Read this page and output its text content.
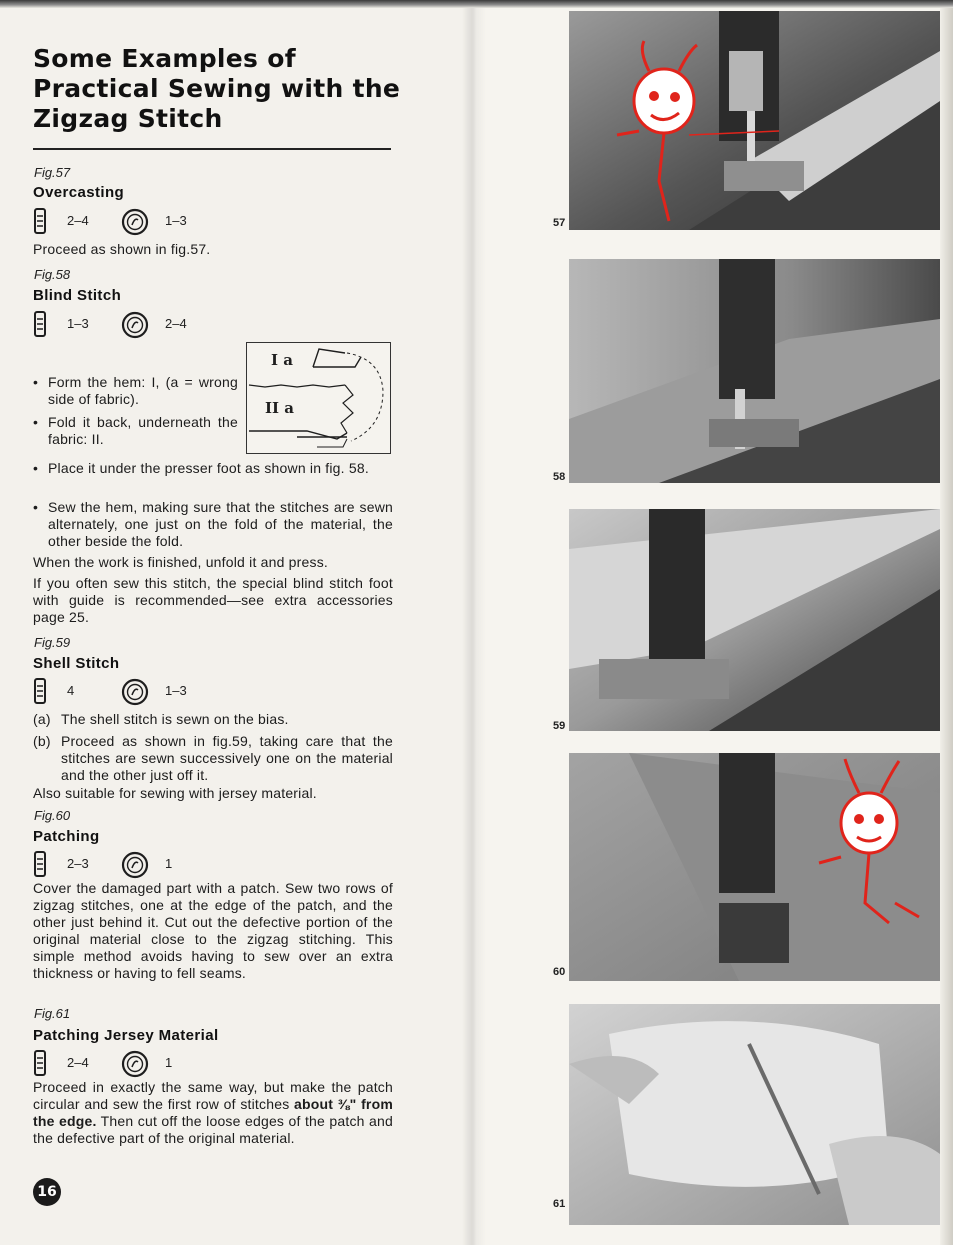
Some Examples of Practical Sewing with the Zigzag Stitch

Fig.57

Overcasting
2–4	1–3

Proceed as shown in fig.57.

Fig.58

Blind Stitch
1–3	2–4
• Form the hem: I, (a = wrong side of fabric).
• Fold it back, underneath the fabric: II.
I a
II a
• Place it under the presser foot as shown in fig. 58.
• Sew the hem, making sure that the stitches are sewn alternately, one just on the fold of the material, the other beside the fold.

When the work is finished, unfold it and press.

If you often sew this stitch, the special blind stitch foot with guide is recommended—see extra accessories page 25.

Fig.59

Shell Stitch
4	1–3
(a) The shell stitch is sewn on the bias.
(b) Proceed as shown in fig.59, taking care that the stitches are sewn successively one on the material and the other just off it.

Also suitable for sewing with jersey material.

Fig.60

Patching
2–3	1

Cover the damaged part with a patch. Sew two rows of zigzag stitches, one at the edge of the patch, and the other just behind it. Cut out the defective portion of the original material close to the zigzag stitching. This simple method avoids having to sew over an extra thickness or having to fell seams.

Fig.61

Patching Jersey Material
2–4	1

Proceed in exactly the same way, but make the patch circular and sew the first row of stitches about ⅜" from the edge. Then cut off the loose edges of the patch and the defective part of the original material.

16
57
58
59
60
61
